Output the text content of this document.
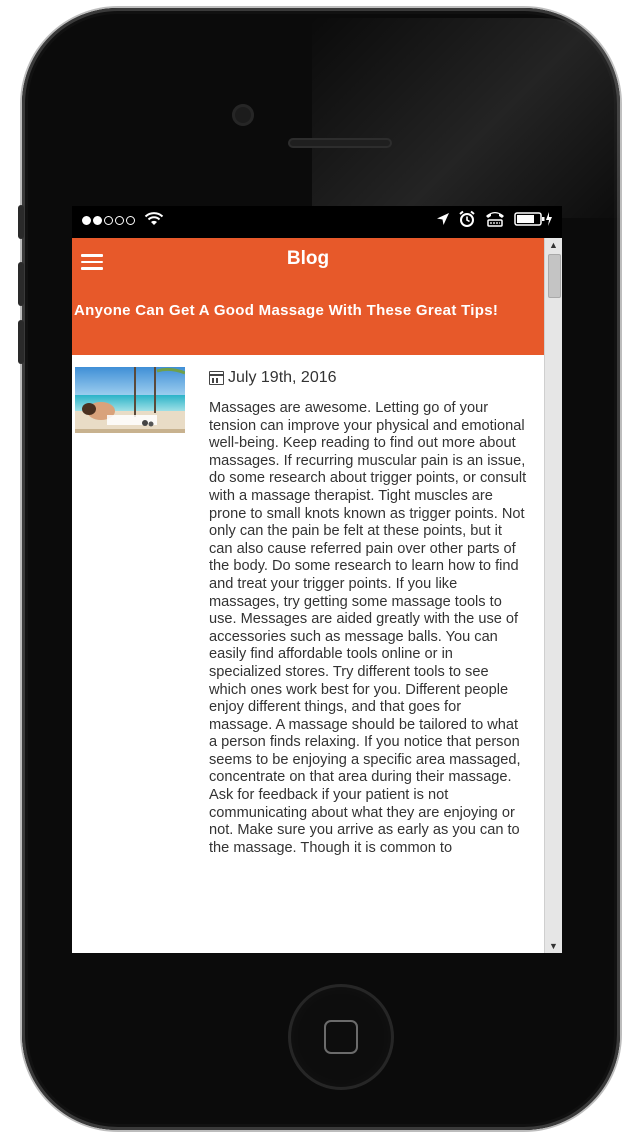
Blog
Anyone Can Get A Good Massage With These Great Tips!
July 19th, 2016
Massages are awesome. Letting go of your tension can improve your physical and emotional well-being. Keep reading to find out more about massages. If recurring muscular pain is an issue, do some research about trigger points, or consult with a massage therapist. Tight muscles are prone to small knots known as trigger points. Not only can the pain be felt at these points, but it can also cause referred pain over other parts of the body. Do some research to learn how to find and treat your trigger points. If you like massages, try getting some massage tools to use. Messages are aided greatly with the use of accessories such as message balls. You can easily find affordable tools online or in specialized stores. Try different tools to see which ones work best for you. Different people enjoy different things, and that goes for massage. A massage should be tailored to what a person finds relaxing. If you notice that person seems to be enjoying a specific area massaged, concentrate on that area during their massage. Ask for feedback if your patient is not communicating about what they are enjoying or not. Make sure you arrive as early as you can to the massage. Though it is common to
▲
▼
